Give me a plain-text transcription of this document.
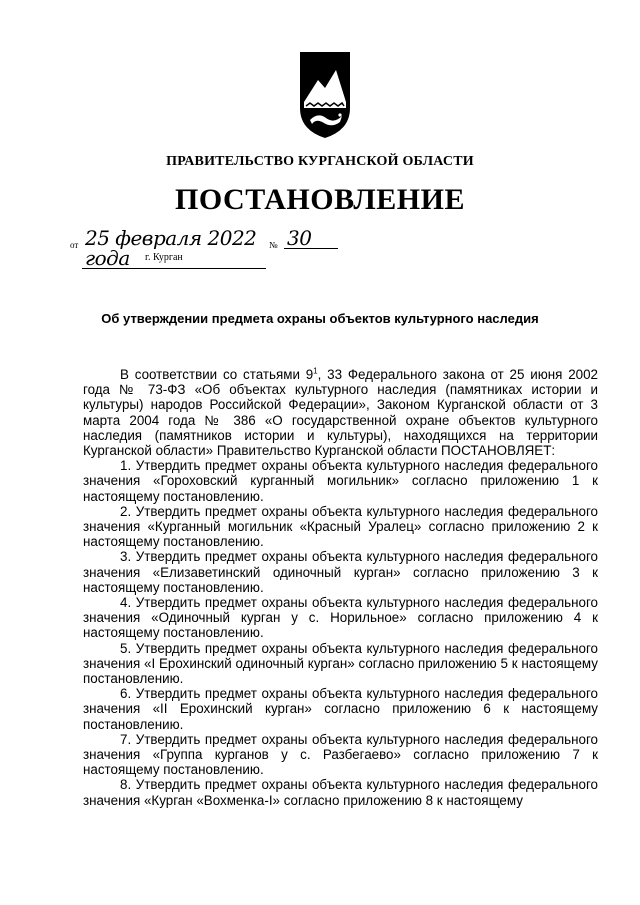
ПРАВИТЕЛЬСТВО КУРГАНСКОЙ ОБЛАСТИ
ПОСТАНОВЛЕНИЕ
от 25 февраля 2022 года
№ 30
г. Курган
Об утверждении предмета охраны объектов культурного наследия

В соответствии со статьями $9^1$, 33 Федерального закона от 25 июня 2002 года № 73-ФЗ «Об объектах культурного наследия (памятниках истории и культуры) народов Российской Федерации», Законом Курганской области от 3 марта 2004 года № 386 «О государственной охране объектов культурного наследия (памятников истории и культуры), находящихся на территории Курганской области» Правительство Курганской области ПОСТАНОВЛЯЕТ:

1. Утвердить предмет охраны объекта культурного наследия федерального значения «Гороховский курганный могильник» согласно приложению 1 к настоящему постановлению.

2. Утвердить предмет охраны объекта культурного наследия федерального значения «Курганный могильник «Красный Уралец» согласно приложению 2 к настоящему постановлению.

3. Утвердить предмет охраны объекта культурного наследия федерального значения «Елизаветинский одиночный курган» согласно приложению 3 к настоящему постановлению.

4. Утвердить предмет охраны объекта культурного наследия федерального значения «Одиночный курган у с. Норильное» согласно приложению 4 к настоящему постановлению.

5. Утвердить предмет охраны объекта культурного наследия федерального значения «I Ерохинский одиночный курган» согласно приложению 5 к настоящему постановлению.

6. Утвердить предмет охраны объекта культурного наследия федерального значения «II Ерохинский курган» согласно приложению 6 к настоящему постановлению.

7. Утвердить предмет охраны объекта культурного наследия федерального значения «Группа курганов у с. Разбегаево» согласно приложению 7 к настоящему постановлению.

8. Утвердить предмет охраны объекта культурного наследия федерального значения «Курган «Вохменка-I» согласно приложению 8 к настоящему
